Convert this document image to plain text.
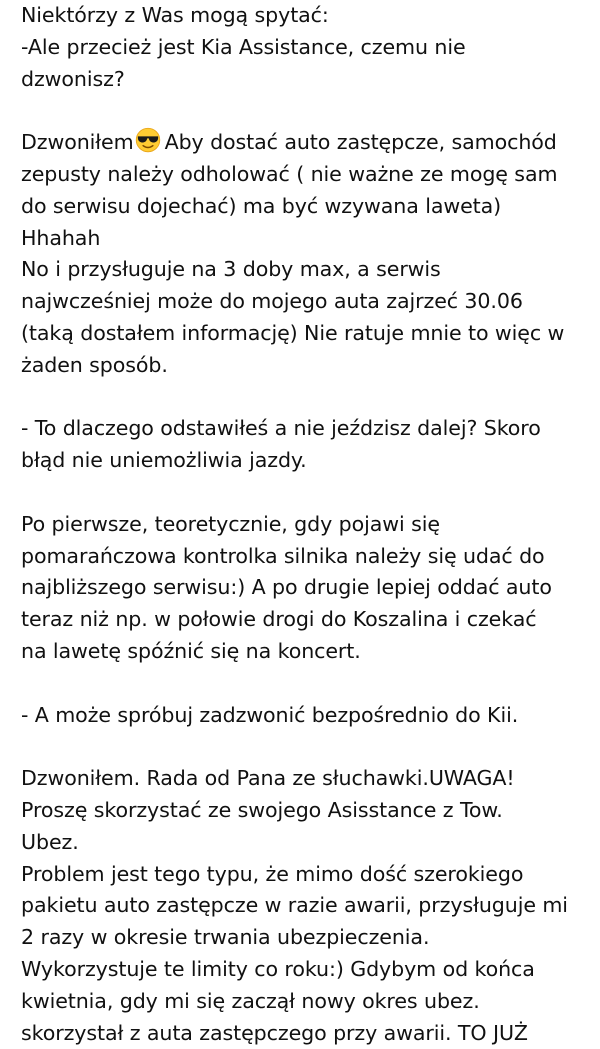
Niektórzy z Was mogą spytać:
-Ale przecież jest Kia Assistance, czemu nie
dzwonisz?
Dzwoniłem Aby dostać auto zastępcze, samochód
zepusty należy odholować ( nie ważne ze mogę sam
do serwisu dojechać) ma być wzywana laweta)
Hhahah
No i przysługuje na 3 doby max, a serwis
najwcześniej może do mojego auta zajrzeć 30.06
(taką dostałem informację) Nie ratuje mnie to więc w
żaden sposób.
- To dlaczego odstawiłeś a nie jeździsz dalej? Skoro
błąd nie uniemożliwia jazdy.
Po pierwsze, teoretycznie, gdy pojawi się
pomarańczowa kontrolka silnika należy się udać do
najbliższego serwisu:) A po drugie lepiej oddać auto
teraz niż np. w połowie drogi do Koszalina i czekać
na lawetę spóźnić się na koncert.
- A może spróbuj zadzwonić bezpośrednio do Kii.
Dzwoniłem. Rada od Pana ze słuchawki.UWAGA!
Proszę skorzystać ze swojego Asisstance z Tow.
Ubez.
Problem jest tego typu, że mimo dość szerokiego
pakietu auto zastępcze w razie awarii, przysługuje mi
2 razy w okresie trwania ubezpieczenia.
Wykorzystuje te limity co roku:) Gdybym od końca
kwietnia, gdy mi się zaczął nowy okres ubez.
skorzystał z auta zastępczego przy awarii. TO JUŻ
